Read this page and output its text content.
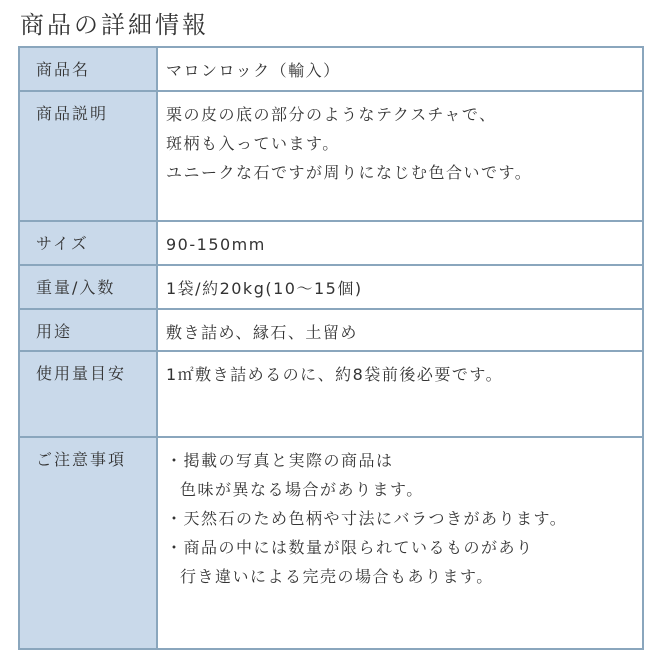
商品の詳細情報
商品名	マロンロック（輸入）

商品説明	栗の皮の底の部分のようなテクスチャで、
斑柄も入っています。
ユニークな石ですが周りになじむ色合いです。

サイズ	90-150mm

重量/入数	1袋/約20kg(10〜15個)

用途	敷き詰め、縁石、土留め

使用量目安	1㎡敷き詰めるのに、約8袋前後必要です。

ご注意事項	・掲載の写真と実際の商品は
色味が異なる場合があります。
・天然石のため色柄や寸法にバラつきがあります。
・商品の中には数量が限られているものがあり
行き違いによる完売の場合もあります。
